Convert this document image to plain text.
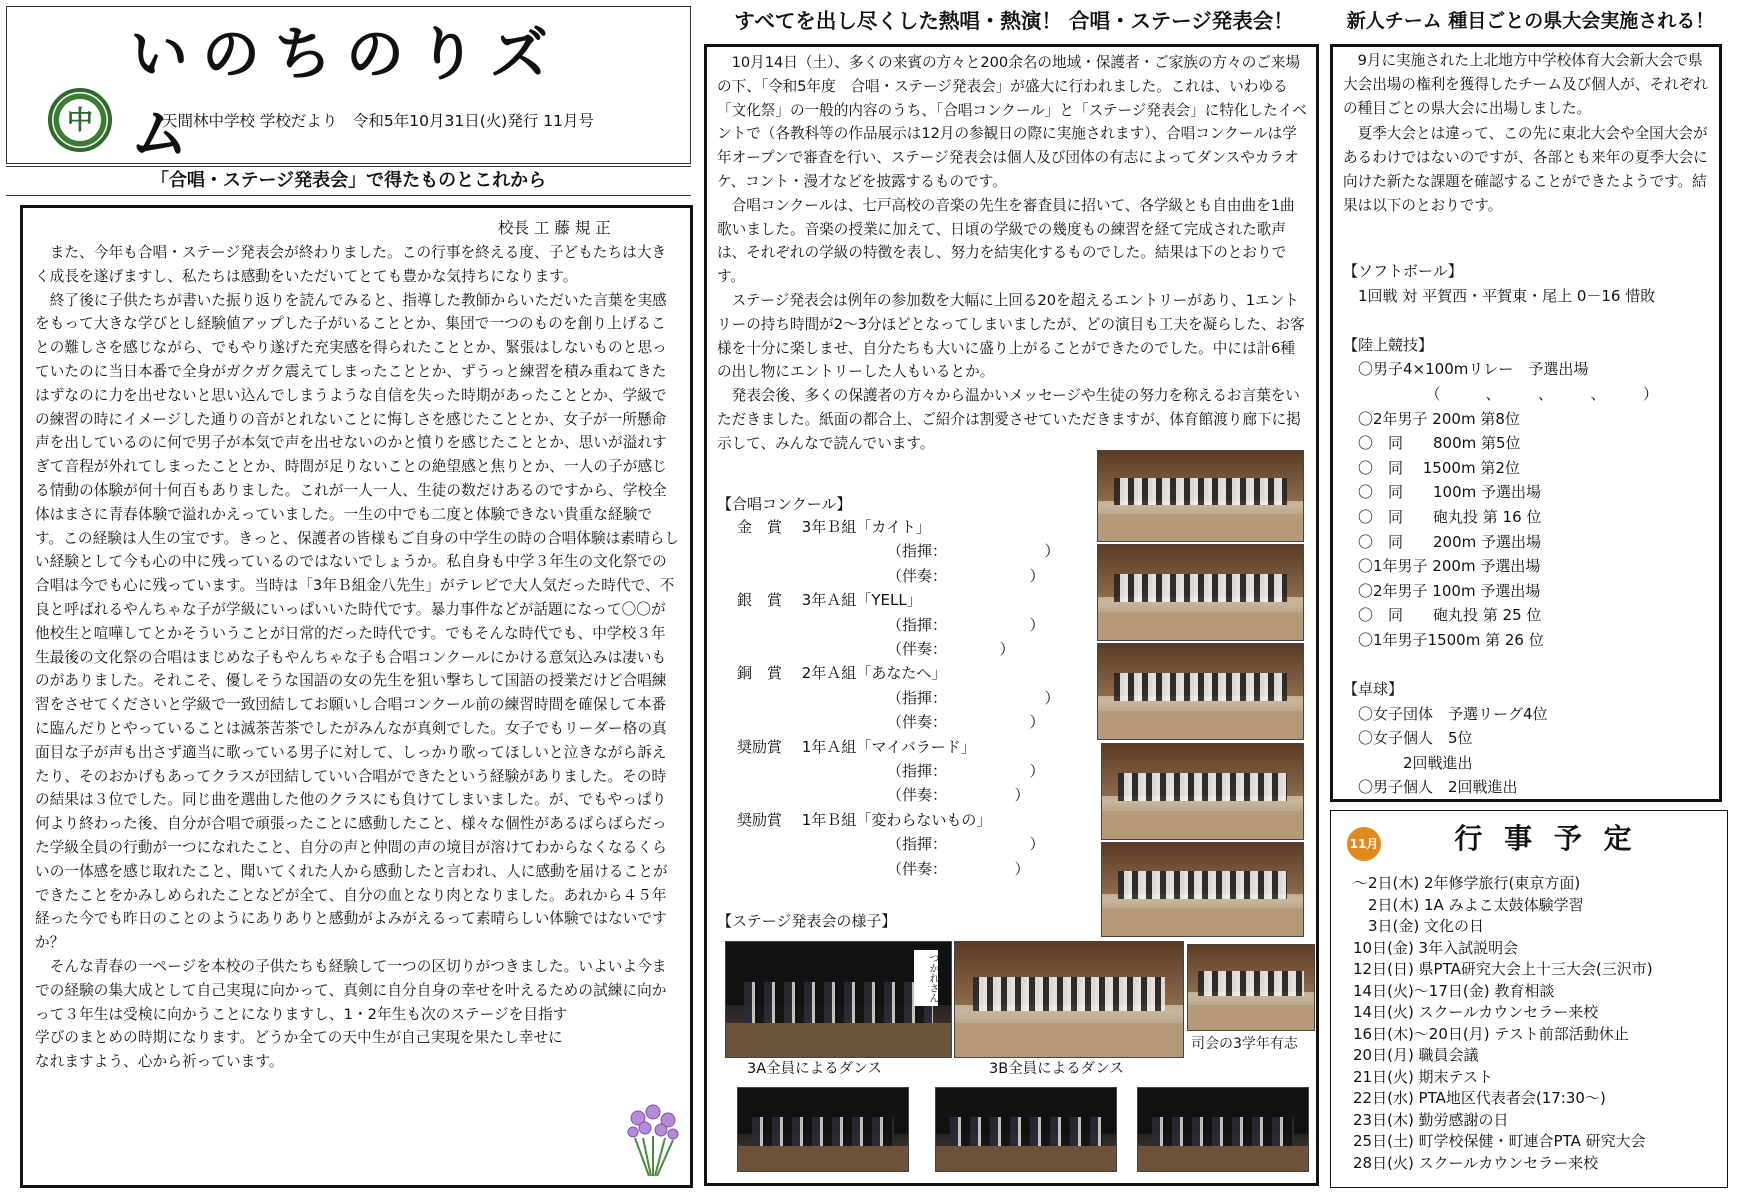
いのちのりズム
中	天間林中学校 学校だより　令和5年10月31日(火)発行 11月号
「合唱・ステージ発表会」で得たものとこれから
校長 工 藤 規 正
　また、今年も合唱・ステージ発表会が終わりました。この行事を終える度、子どもたちは大きく成長を遂げますし、私たちは感動をいただいてとても豊かな気持ちになります。
　終了後に子供たちが書いた振り返りを読んでみると、指導した教師からいただいた言葉を実感をもって大きな学びとし経験値アップした子がいることとか、集団で一つのものを創り上げることの難しさを感じながら、でもやり遂げた充実感を得られたこととか、緊張はしないものと思っていたのに当日本番で全身がガクガク震えてしまったこととか、ずうっと練習を積み重ねてきたはずなのに力を出せないと思い込んでしまうような自信を失った時期があったこととか、学級での練習の時にイメージした通りの音がとれないことに悔しさを感じたこととか、女子が一所懸命声を出しているのに何で男子が本気で声を出せないのかと憤りを感じたこととか、思いが溢れすぎて音程が外れてしまったこととか、時間が足りないことの絶望感と焦りとか、一人の子が感じる情動の体験が何十何百もありました。これが一人一人、生徒の数だけあるのですから、学校全体はまさに青春体験で溢れかえっていました。一生の中でも二度と体験できない貴重な経験です。この経験は人生の宝です。きっと、保護者の皆様もご自身の中学生の時の合唱体験は素晴らしい経験として今も心の中に残っているのではないでしょうか。私自身も中学３年生の文化祭での合唱は今でも心に残っています。当時は「3年Ｂ組金八先生」がテレビで大人気だった時代で、不良と呼ばれるやんちゃな子が学級にいっぱいいた時代です。暴力事件などが話題になって〇〇が他校生と喧嘩してとかそういうことが日常的だった時代です。でもそんな時代でも、中学校３年生最後の文化祭の合唱はまじめな子もやんちゃな子も合唱コンクールにかける意気込みは凄いものがありました。それこそ、優しそうな国語の女の先生を狙い撃ちして国語の授業だけど合唱練習をさせてくださいと学級で一致団結してお願いし合唱コンクール前の練習時間を確保して本番に臨んだりとやっていることは滅茶苦茶でしたがみんなが真剣でした。女子でもリーダー格の真面目な子が声も出さず適当に歌っている男子に対して、しっかり歌ってほしいと泣きながら訴えたり、そのおかげもあってクラスが団結していい合唱ができたという経験がありました。その時の結果は３位でした。同じ曲を選曲した他のクラスにも負けてしまいました。が、でもやっぱり何より終わった後、自分が合唱で頑張ったことに感動したこと、様々な個性があるばらばらだった学級全員の行動が一つになれたこと、自分の声と仲間の声の境目が溶けてわからなくなるくらいの一体感を感じ取れたこと、聞いてくれた人から感動したと言われ、人に感動を届けることができたことをかみしめられたことなどが全て、自分の血となり肉となりました。あれから４５年経った今でも昨日のことのようにありありと感動がよみがえるって素晴らしい体験ではないですか？
　そんな青春の一ページを本校の子供たちも経験して一つの区切りがつきました。いよいよ今までの経験の集大成として自己実現に向かって、真剣に自分自身の幸せを叶えるための試練に向かって３年生は受検に向かうことになりますし、1・2年生も次のステージを目指す
学びのまとめの時期になります。どうか全ての天中生が自己実現を果たし幸せに
なれますよう、心から祈っています。
すべてを出し尽くした熱唱・熱演！ 合唱・ステージ発表会！
　10月14日（土）、多くの来賓の方々と200余名の地域・保護者・ご家族の方々のご来場の下、「令和5年度　合唱・ステージ発表会」が盛大に行われました。これは、いわゆる「文化祭」の一般的内容のうち、「合唱コンクール」と「ステージ発表会」に特化したイベントで（各教科等の作品展示は12月の参観日の際に実施されます）、合唱コンクールは学年オープンで審査を行い、ステージ発表会は個人及び団体の有志によってダンスやカラオケ、コント・漫才などを披露するものです。
　合唱コンクールは、七戸高校の音楽の先生を審査員に招いて、各学級とも自由曲を1曲歌いました。音楽の授業に加えて、日頃の学級での幾度もの練習を経て完成された歌声は、それぞれの学級の特徴を表し、努力を結実化するものでした。結果は下のとおりです。
　ステージ発表会は例年の参加数を大幅に上回る20を超えるエントリーがあり、1エントリーの持ち時間が2～3分ほどとなってしまいましたが、どの演目も工夫を凝らした、お客様を十分に楽しませ、自分たちも大いに盛り上がることができたのでした。中には計6種の出し物にエントリーした人もいるとか。
　発表会後、多くの保護者の方々から温かいメッセージや生徒の努力を称えるお言葉をいただきました。紙面の都合上、ご紹介は割愛させていただきますが、体育館渡り廊下に掲示して、みんなで読んでいます。
【合唱コンクール】
金　賞 3年Ｂ組「カイト」
（指揮：　　　　　　　）
（伴奏：　　　　　　）
銀　賞 3年Ａ組「YELL」
（指揮：　　　　　　）
（伴奏：　　　　）
銅　賞 2年Ａ組「あなたへ」
（指揮：　　　　　　　）
（伴奏：　　　　　　）
奨励賞 1年Ａ組「マイバラード」
（指揮：　　　　　　）
（伴奏：　　　　　）
奨励賞 1年Ｂ組「変わらないもの」
（指揮：　　　　　　）
（伴奏：　　　　　）
【ステージ発表会の様子】
つかれさん
3A全員によるダンス	3B全員によるダンス
司会の3学年有志
新人チーム 種目ごとの県大会実施される！
　9月に実施された上北地方中学校体育大会新大会で県大会出場の権利を獲得したチーム及び個人が、それぞれの種目ごとの県大会に出場しました。
　夏季大会とは違って、この先に東北大会や全国大会があるわけではないのですが、各部とも来年の夏季大会に向けた新たな課題を確認することができたようです。結果は以下のとおりです。
【ソフトボール】
　1回戦 対 平賀西・平賀東・尾上 0－16 惜敗

【陸上競技】
　〇男子4×100mリレー　予選出場
　　　　　　（　　　、　　　、　　　、　　　）
　〇2年男子 200m 第8位
　〇　同　　800m 第5位
　〇　同　 1500m 第2位
　〇　同　　100m 予選出場
　〇　同　　砲丸投 第 16 位
　〇　同　　200m 予選出場
　〇1年男子 200m 予選出場
　〇2年男子 100m 予選出場
　〇　同　　砲丸投 第 25 位
　〇1年男子1500m 第 26 位

【卓球】
　〇女子団体　予選リーグ4位
　〇女子個人　5位
　　　　2回戦進出
　〇男子個人　2回戦進出
11月	行 事 予 定
～2日(木) 2年修学旅行(東京方面)
　2日(木) 1A みよこ太鼓体験学習
　3日(金) 文化の日
10日(金) 3年入試説明会
12日(日) 県PTA研究大会上十三大会(三沢市)
14日(火)～17日(金) 教育相談
14日(火) スクールカウンセラー来校
16日(木)～20日(月) テスト前部活動休止
20日(月) 職員会議
21日(火) 期末テスト
22日(水) PTA地区代表者会(17:30～)
23日(木) 勤労感謝の日
25日(土) 町学校保健・町連合PTA 研究大会
28日(火) スクールカウンセラー来校
